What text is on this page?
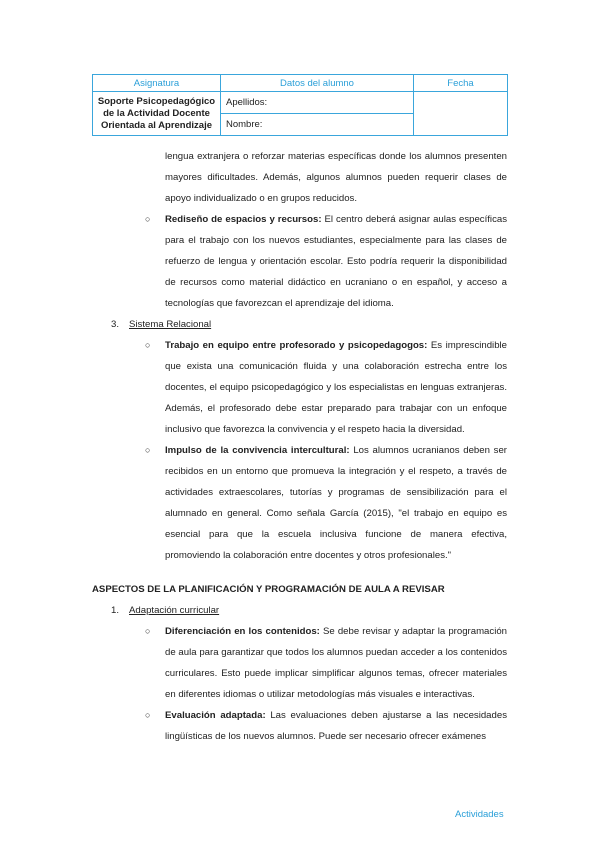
Asignatura	Datos del alumno	Fecha
Soporte Psicopedagógico
de la Actividad Docente
Orientada al Aprendizaje	Apellidos:	
	Nombre:	
lengua extranjera o reforzar materias específicas donde los alumnos presenten mayores dificultades. Además, algunos alumnos pueden requerir clases de apoyo individualizado o en grupos reducidos.
○ Rediseño de espacios y recursos: El centro deberá asignar aulas específicas para el trabajo con los nuevos estudiantes, especialmente para las clases de refuerzo de lengua y orientación escolar. Esto podría requerir la disponibilidad de recursos como material didáctico en ucraniano o en español, y acceso a tecnologías que favorezcan el aprendizaje del idioma.
3. Sistema Relacional
○ Trabajo en equipo entre profesorado y psicopedagogos: Es imprescindible que exista una comunicación fluida y una colaboración estrecha entre los docentes, el equipo psicopedagógico y los especialistas en lenguas extranjeras. Además, el profesorado debe estar preparado para trabajar con un enfoque inclusivo que favorezca la convivencia y el respeto hacia la diversidad.
○ Impulso de la convivencia intercultural: Los alumnos ucranianos deben ser recibidos en un entorno que promueva la integración y el respeto, a través de actividades extraescolares, tutorías y programas de sensibilización para el alumnado en general. Como señala García (2015), "el trabajo en equipo es esencial para que la escuela inclusiva funcione de manera efectiva, promoviendo la colaboración entre docentes y otros profesionales."
ASPECTOS DE LA PLANIFICACIÓN Y PROGRAMACIÓN DE AULA A REVISAR
1. Adaptación curricular
○ Diferenciación en los contenidos: Se debe revisar y adaptar la programación de aula para garantizar que todos los alumnos puedan acceder a los contenidos curriculares. Esto puede implicar simplificar algunos temas, ofrecer materiales en diferentes idiomas o utilizar metodologías más visuales e interactivas.
○ Evaluación adaptada: Las evaluaciones deben ajustarse a las necesidades lingüísticas de los nuevos alumnos. Puede ser necesario ofrecer exámenes
Actividades
